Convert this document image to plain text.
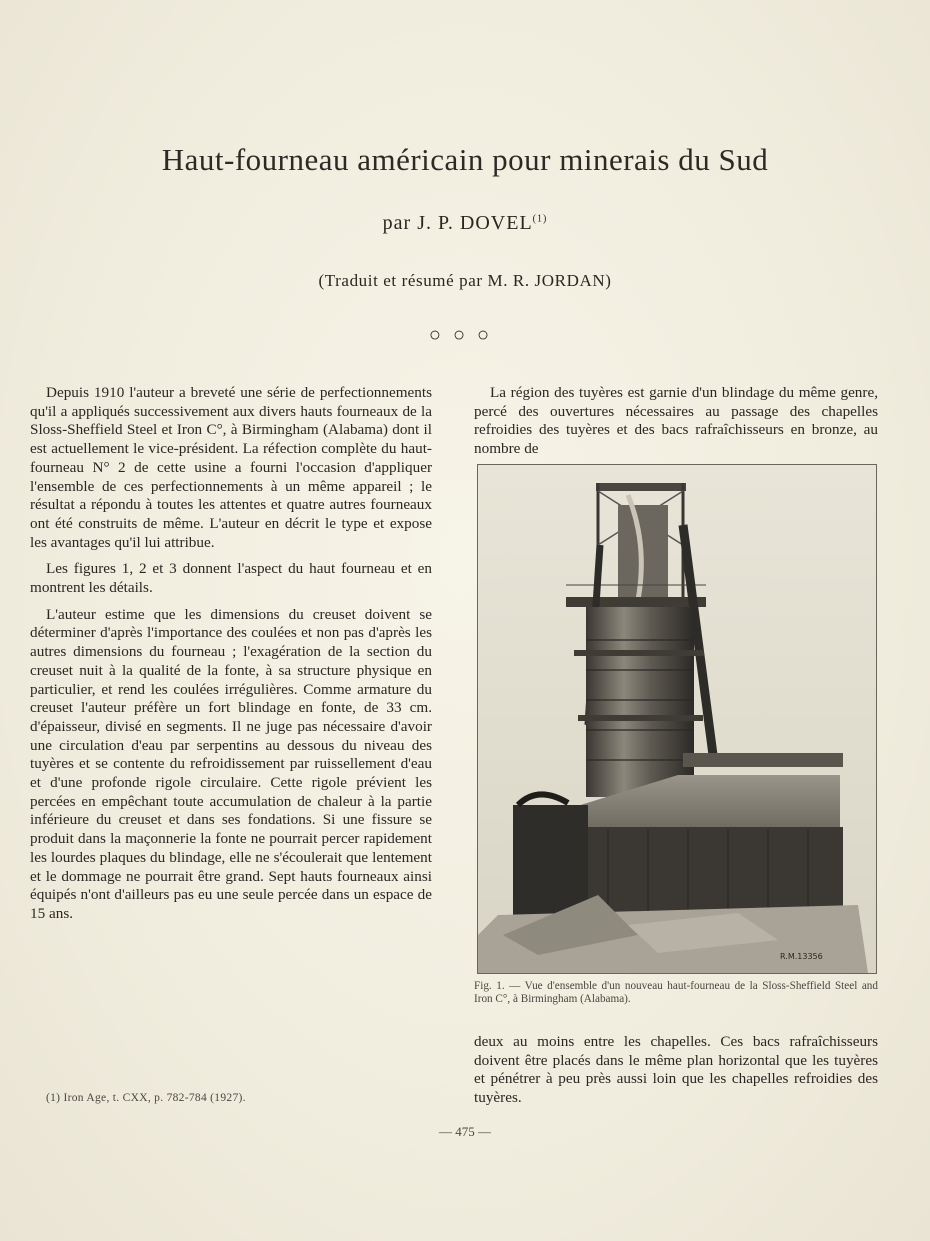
Haut-fourneau américain pour minerais du Sud
par J. P. DOVEL$^{(1)}$
(Traduit et résumé par M. R. JORDAN)
○○○

Depuis 1910 l'auteur a breveté une série de perfectionnements qu'il a appliqués successivement aux divers hauts fourneaux de la Sloss-Sheffield Steel et Iron C°, à Birmingham (Alabama) dont il est actuellement le vice-président. La réfection complète du haut-fourneau N° 2 de cette usine a fourni l'occasion d'appliquer l'ensemble de ces perfectionnements à un même appareil ; le résultat a répondu à toutes les attentes et quatre autres fourneaux ont été construits de même. L'auteur en décrit le type et expose les avantages qu'il lui attribue.

Les figures 1, 2 et 3 donnent l'aspect du haut fourneau et en montrent les détails.

L'auteur estime que les dimensions du creuset doivent se déterminer d'après l'importance des coulées et non pas d'après les autres dimensions du fourneau ; l'exagération de la section du creuset nuit à la qualité de la fonte, à sa structure physique en particulier, et rend les coulées irrégulières. Comme armature du creuset l'auteur préfère un fort blindage en fonte, de 33 cm. d'épaisseur, divisé en segments. Il ne juge pas nécessaire d'avoir une circulation d'eau par serpentins au dessous du niveau des tuyères et se contente du refroidissement par ruissellement d'eau et d'une profonde rigole circulaire. Cette rigole prévient les percées en empêchant toute accumulation de chaleur à la partie inférieure du creuset et dans ses fondations. Si une fissure se produit dans la maçonnerie la fonte ne pourrait percer rapidement les lourdes plaques du blindage, elle ne s'écoulerait que lentement et le dommage ne pourrait être grand. Sept hauts fourneaux ainsi équipés n'ont d'ailleurs pas eu une seule percée dans un espace de 15 ans.

La région des tuyères est garnie d'un blindage du même genre, percé des ouvertures nécessaires au passage des chapelles refroidies des tuyères et des bacs rafraîchisseurs en bronze, au nombre de

R.M.13356
Fig. 1. — Vue d'ensemble d'un nouveau haut-fourneau de la Sloss-Sheffield Steel and Iron C°, à Birmingham (Alabama).

deux au moins entre les chapelles. Ces bacs rafraîchisseurs doivent être placés dans le même plan horizontal que les tuyères et pénétrer à peu près aussi loin que les chapelles refroidies des tuyères.

(1) Iron Age, t. CXX, p. 782-784 (1927).
— 475 —
